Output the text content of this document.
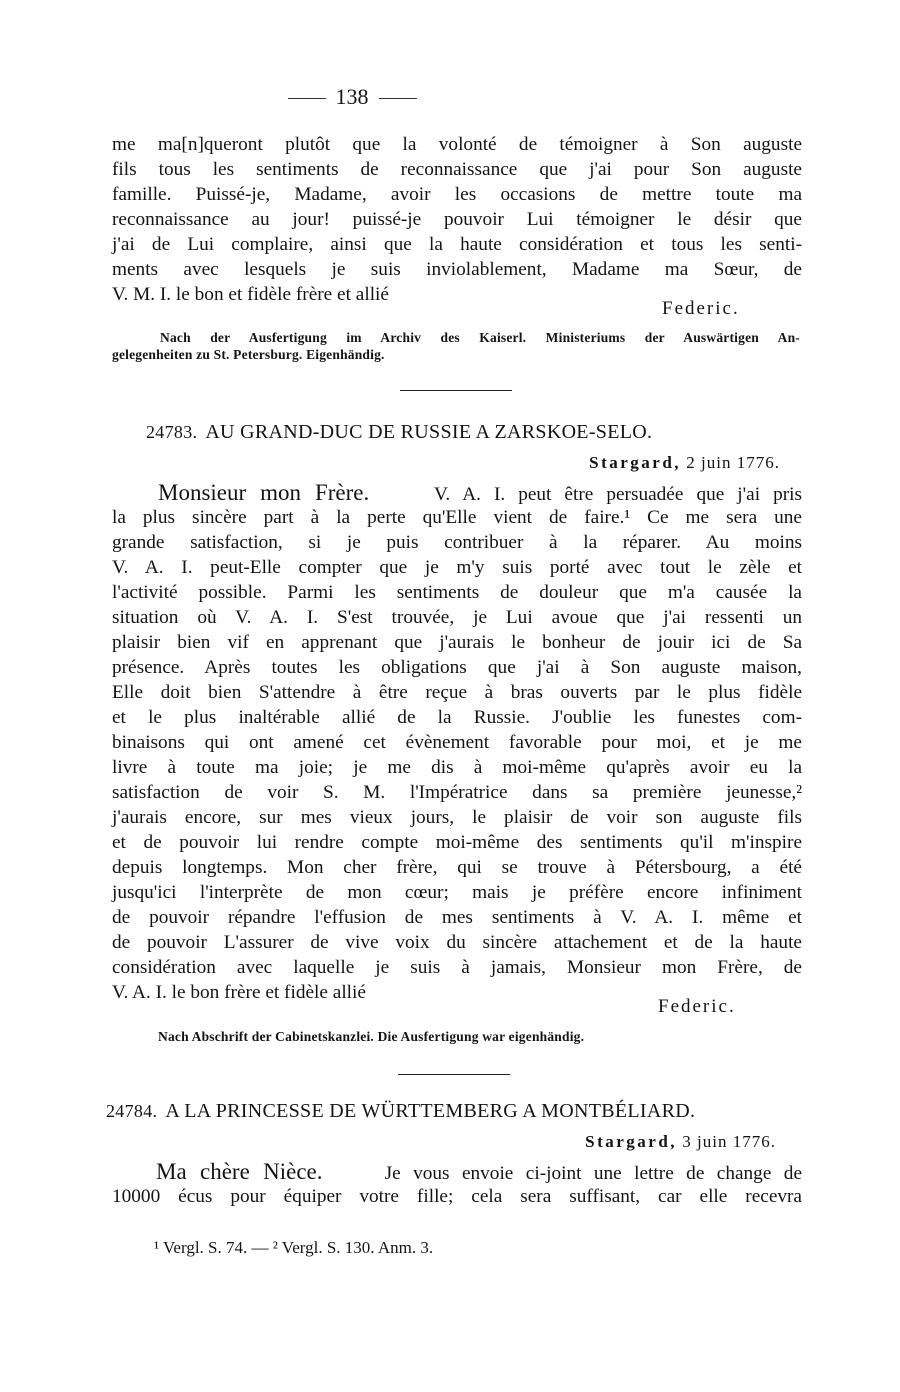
138
me ma[n]queront plutôt que la volonté de témoigner à Son auguste
fils tous les sentiments de reconnaissance que j'ai pour Son auguste
famille. Puissé-je, Madame, avoir les occasions de mettre toute ma
reconnaissance au jour! puissé-je pouvoir Lui témoigner le désir que
j'ai de Lui complaire, ainsi que la haute considération et tous les senti-
ments avec lesquels je suis inviolablement, Madame ma Sœur, de
V. M. I. le bon et fidèle frère et allié
Federic.
Nach der Ausfertigung im Archiv des Kaiserl. Ministeriums der Auswärtigen An-
gelegenheiten zu St. Petersburg. Eigenhändig.
24783. AU GRAND-DUC DE RUSSIE A ZARSKOE-SELO.
Stargard, 2 juin 1776.
Monsieur mon Frère.	V. A. I. peut être persuadée que j'ai pris
la plus sincère part à la perte qu'Elle vient de faire.¹ Ce me sera une
grande satisfaction, si je puis contribuer à la réparer. Au moins
V. A. I. peut-Elle compter que je m'y suis porté avec tout le zèle et
l'activité possible. Parmi les sentiments de douleur que m'a causée la
situation où V. A. I. S'est trouvée, je Lui avoue que j'ai ressenti un
plaisir bien vif en apprenant que j'aurais le bonheur de jouir ici de Sa
présence. Après toutes les obligations que j'ai à Son auguste maison,
Elle doit bien S'attendre à être reçue à bras ouverts par le plus fidèle
et le plus inaltérable allié de la Russie. J'oublie les funestes com-
binaisons qui ont amené cet évènement favorable pour moi, et je me
livre à toute ma joie; je me dis à moi-même qu'après avoir eu la
satisfaction de voir S. M. l'Impératrice dans sa première jeunesse,²
j'aurais encore, sur mes vieux jours, le plaisir de voir son auguste fils
et de pouvoir lui rendre compte moi-même des sentiments qu'il m'inspire
depuis longtemps. Mon cher frère, qui se trouve à Pétersbourg, a été
jusqu'ici l'interprète de mon cœur; mais je préfère encore infiniment
de pouvoir répandre l'effusion de mes sentiments à V. A. I. même et
de pouvoir L'assurer de vive voix du sincère attachement et de la haute
considération avec laquelle je suis à jamais, Monsieur mon Frère, de
V. A. I. le bon frère et fidèle allié
Federic.
Nach Abschrift der Cabinetskanzlei. Die Ausfertigung war eigenhändig.
24784. A LA PRINCESSE DE WÜRTTEMBERG A MONTBÉLIARD.
Stargard, 3 juin 1776.
Ma chère Nièce.	Je vous envoie ci-joint une lettre de change de
10000 écus pour équiper votre fille; cela sera suffisant, car elle recevra
¹ Vergl. S. 74. — ² Vergl. S. 130. Anm. 3.
